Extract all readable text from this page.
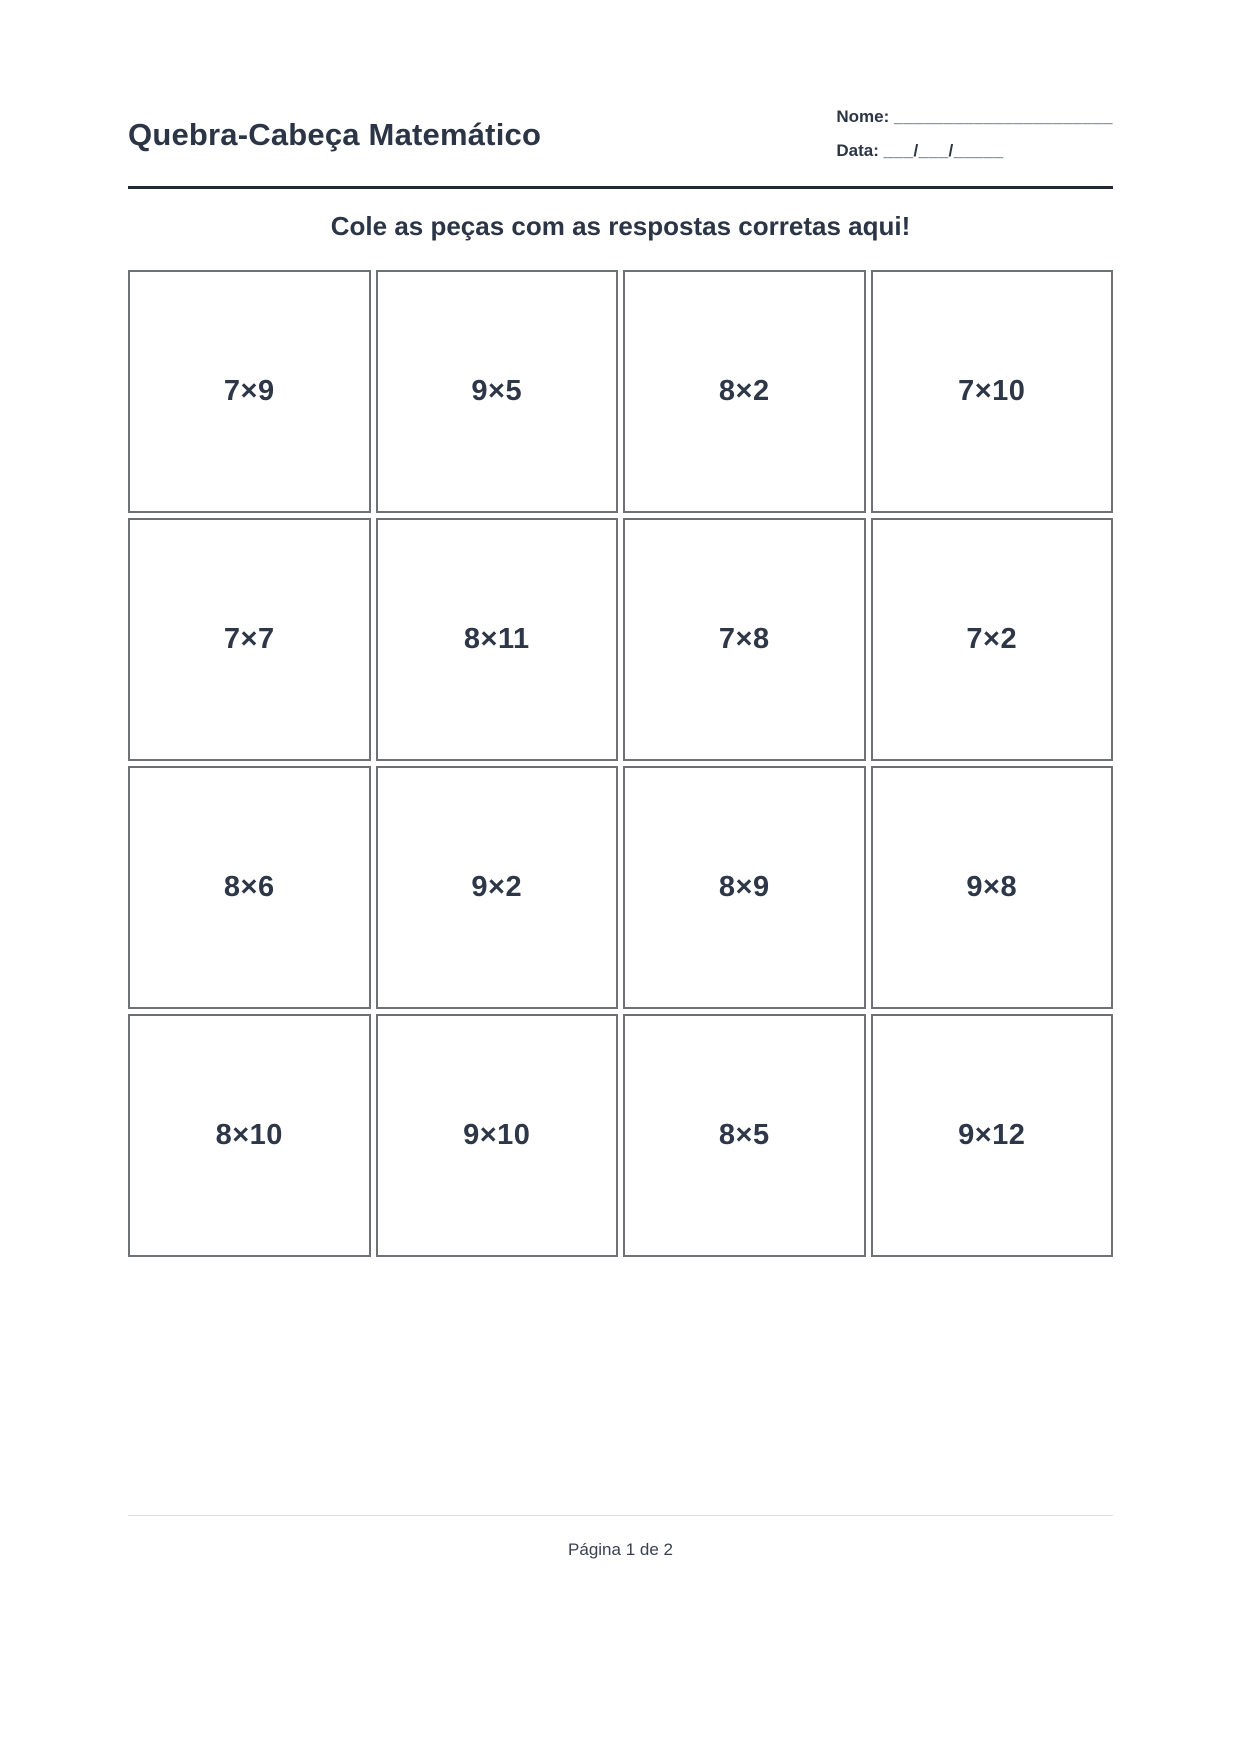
Quebra-Cabeça Matemático
Nome: ______________________
Data: ___/___/_____
Cole as peças com as respostas corretas aqui!
7×9	9×5	8×2	7×10
7×7	8×11	7×8	7×2
8×6	9×2	8×9	9×8
8×10	9×10	8×5	9×12
Página 1 de 2
